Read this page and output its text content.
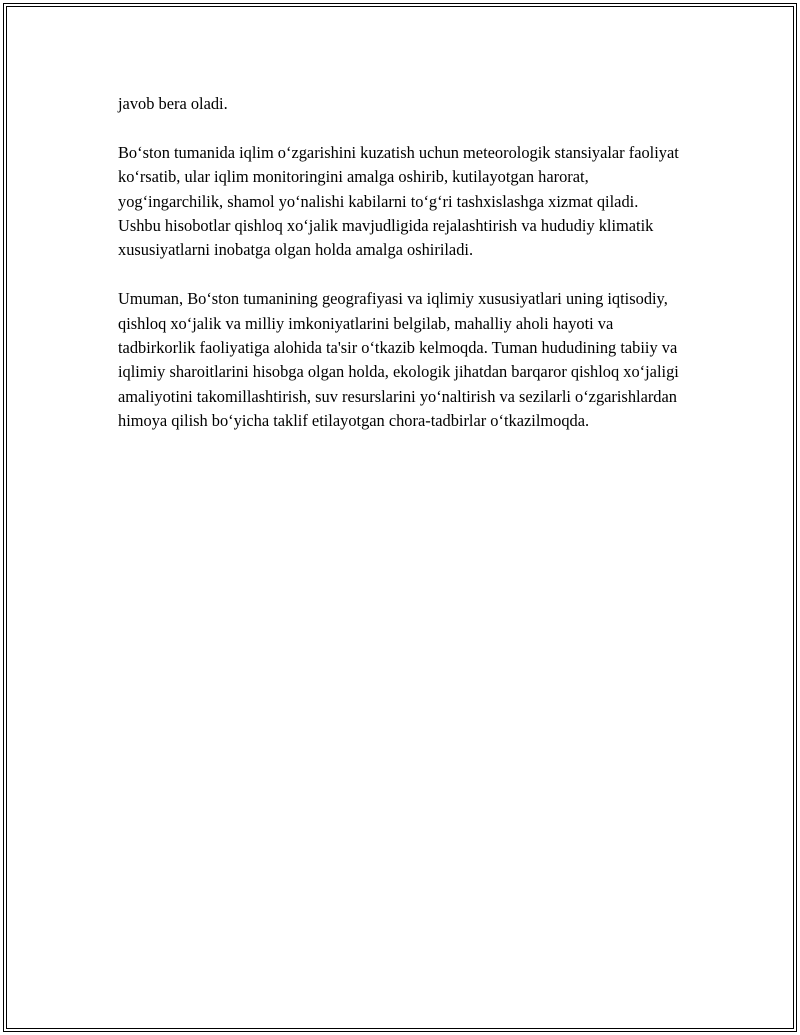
javob bera oladi.

Bo‘ston tumanida iqlim o‘zgarishini kuzatish uchun meteorologik stansiyalar faoliyat ko‘rsatib, ular iqlim monitoringini amalga oshirib, kutilayotgan harorat, yog‘ingarchilik, shamol yo‘nalishi kabilarni to‘g‘ri tashxislashga xizmat qiladi. Ushbu hisobotlar qishloq xo‘jalik mavjudligida rejalashtirish va hududiy klimatik xususiyatlarni inobatga olgan holda amalga oshiriladi.

Umuman, Bo‘ston tumanining geografiyasi va iqlimiy xususiyatlari uning iqtisodiy, qishloq xo‘jalik va milliy imkoniyatlarini belgilab, mahalliy aholi hayoti va tadbirkorlik faoliyatiga alohida ta'sir o‘tkazib kelmoqda. Tuman hududining tabiiy va iqlimiy sharoitlarini hisobga olgan holda, ekologik jihatdan barqaror qishloq xo‘jaligi amaliyotini takomillashtirish, suv resurslarini yo‘naltirish va sezilarli o‘zgarishlardan himoya qilish bo‘yicha taklif etilayotgan chora-tadbirlar o‘tkazilmoqda.
